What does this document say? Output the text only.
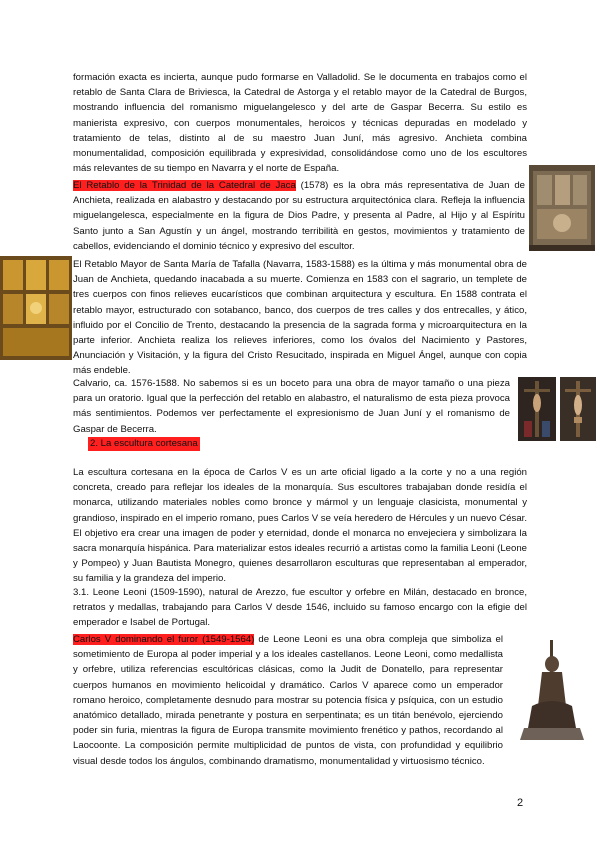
formación exacta es incierta, aunque pudo formarse en Valladolid. Se le documenta en trabajos como el retablo de Santa Clara de Briviesca, la Catedral de Astorga y el retablo mayor de la Catedral de Burgos, mostrando influencia del romanismo miguelangelesco y del arte de Gaspar Becerra. Su estilo es manierista expresivo, con cuerpos monumentales, heroicos y técnicas depuradas en modelado y tratamiento de telas, distinto al de su maestro Juan Juní, más agresivo. Anchieta combina monumentalidad, composición equilibrada y expresividad, consolidándose como uno de los escultores más relevantes de su tiempo en Navarra y el norte de España.

El Retablo de la Trinidad de la Catedral de Jaca (1578) es la obra más representativa de Juan de Anchieta, realizada en alabastro y destacando por su estructura arquitectónica clara. Refleja la influencia miguelangelesca, especialmente en la figura de Dios Padre, y presenta al Padre, al Hijo y al Espíritu Santo junto a San Agustín y un ángel, mostrando terribilità en gestos, movimientos y tratamiento de cabellos, evidenciando el dominio técnico y expresivo del escultor.

El Retablo Mayor de Santa María de Tafalla (Navarra, 1583-1588) es la última y más monumental obra de Juan de Anchieta, quedando inacabada a su muerte. Comienza en 1583 con el sagrario, un templete de tres cuerpos con finos relieves eucarísticos que combinan arquitectura y escultura. En 1588 contrata el retablo mayor, estructurado con sotabanco, banco, dos cuerpos de tres calles y dos entrecalles, y ático, influido por el Concilio de Trento, destacando la presencia de la sagrada forma y microarquitectura en la parte inferior. Anchieta realiza los relieves inferiores, como los óvalos del Nacimiento y Pastores, Anunciación y Visitación, y la figura del Cristo Resucitado, inspirada en Miguel Ángel, aunque con copia más endeble.

Calvario, ca. 1576-1588. No sabemos si es un boceto para una obra de mayor tamaño o una pieza para un oratorio. Igual que la perfección del retablo en alabastro, el naturalismo de esta pieza provoca más sentimientos. Podemos ver perfectamente el expresionismo de Juan Juní y el romanismo de Gaspar de Becerra.

2. La escultura cortesana

La escultura cortesana en la época de Carlos V es un arte oficial ligado a la corte y no a una región concreta, creado para reflejar los ideales de la monarquía. Sus escultores trabajaban donde residía el monarca, utilizando materiales nobles como bronce y mármol y un lenguaje clasicista, monumental y grandioso, inspirado en el imperio romano, pues Carlos V se veía heredero de Hércules y un nuevo César. El objetivo era crear una imagen de poder y eternidad, donde el monarca no envejeciera y simbolizara la sacra monarquía hispánica. Para materializar estos ideales recurrió a artistas como la familia Leoni (Leone y Pompeo) y Juan Bautista Monegro, quienes desarrollaron esculturas que representaban al emperador, su familia y la grandeza del imperio.

3.1. Leone Leoni (1509-1590), natural de Arezzo, fue escultor y orfebre en Milán, destacado en bronce, retratos y medallas, trabajando para Carlos V desde 1546, incluido su famoso encargo con la efigie del emperador e Isabel de Portugal.

Carlos V dominando el furor (1549-1564) de Leone Leoni es una obra compleja que simboliza el sometimiento de Europa al poder imperial y a los ideales castellanos. Leone Leoni, como medallista y orfebre, utiliza referencias escultóricas clásicas, como la Judit de Donatello, para representar cuerpos humanos en movimiento helicoidal y dramático. Carlos V aparece como un emperador romano heroico, completamente desnudo para mostrar su potencia física y psíquica, con un estudio anatómico detallado, mirada penetrante y postura en serpentinata; es un titán benévolo, ejerciendo poder sin furia, mientras la figura de Europa transmite movimiento frenético y pathos, recordando al Laocoonte. La composición permite multiplicidad de puntos de vista, con profundidad y equilibrio visual desde todos los ángulos, combinando dramatismo, monumentalidad y virtuosismo técnico.

2
